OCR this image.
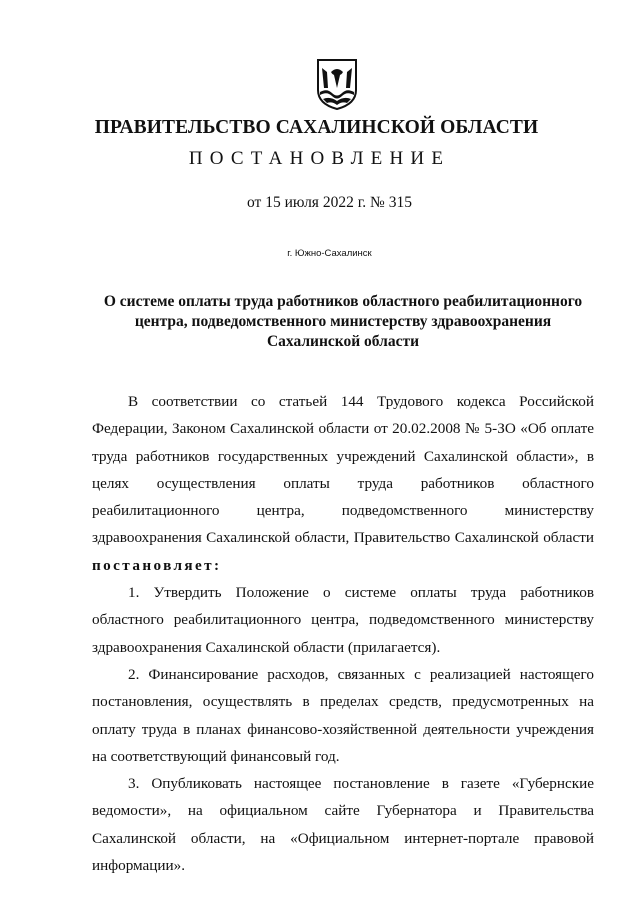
ПРАВИТЕЛЬСТВО САХАЛИНСКОЙ ОБЛАСТИ
ПОСТАНОВЛЕНИЕ
от 15 июля 2022 г. № 315
г. Южно-Сахалинск
О системе оплаты труда работников областного реабилитационного центра, подведомственного министерству здравоохранения Сахалинской области

В соответствии со статьей 144 Трудового кодекса Российской Федерации, Законом Сахалинской области от 20.02.2008 № 5-ЗО «Об оплате труда работников государственных учреждений Сахалинской области», в целях осуществления оплаты труда работников областного реабилитационного центра, подведомственного министерству здравоохранения Сахалинской области, Правительство Сахалинской области постановляет:

1. Утвердить Положение о системе оплаты труда работников областного реабилитационного центра, подведомственного министерству здравоохранения Сахалинской области (прилагается).

2. Финансирование расходов, связанных с реализацией настоящего постановления, осуществлять в пределах средств, предусмотренных на оплату труда в планах финансово-хозяйственной деятельности учреждения на соответствующий финансовый год.

3. Опубликовать настоящее постановление в газете «Губернские ведомости», на официальном сайте Губернатора и Правительства Сахалинской области, на «Официальном интернет-портале правовой информации».
